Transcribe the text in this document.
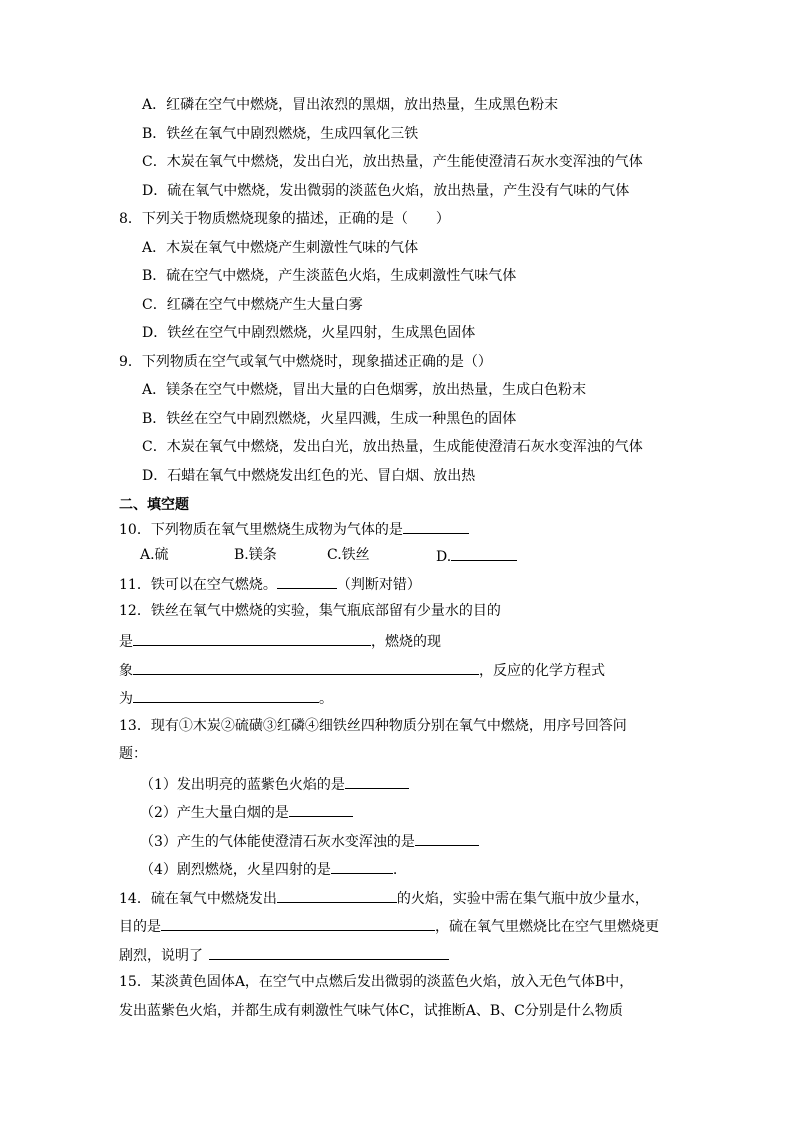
A．红磷在空气中燃烧，冒出浓烈的黑烟，放出热量，生成黑色粉末
B．铁丝在氧气中剧烈燃烧，生成四氧化三铁
C．木炭在氧气中燃烧，发出白光，放出热量，产生能使澄清石灰水变浑浊的气体
D．硫在氧气中燃烧，发出微弱的淡蓝色火焰，放出热量，产生没有气味的气体
8．下列关于物质燃烧现象的描述，正确的是（　　）
A．木炭在氧气中燃烧产生刺激性气味的气体
B．硫在空气中燃烧，产生淡蓝色火焰，生成刺激性气味气体
C．红磷在空气中燃烧产生大量白雾
D．铁丝在空气中剧烈燃烧，火星四射，生成黑色固体
9．下列物质在空气或氧气中燃烧时，现象描述正确的是（）
A．镁条在空气中燃烧，冒出大量的白色烟雾，放出热量，生成白色粉末
B．铁丝在空气中剧烈燃烧，火星四溅，生成一种黑色的固体
C．木炭在氧气中燃烧，发出白光，放出热量，生成能使澄清石灰水变浑浊的气体
D．石蜡在氧气中燃烧发出红色的光、冒白烟、放出热
二、填空题
10．下列物质在氧气里燃烧生成物为气体的是
A.硫	B.镁条	C.铁丝	D.
11．铁可以在空气燃烧。	（判断对错）
12．铁丝在氧气中燃烧的实验，集气瓶底部留有少量水的目的
是	，燃烧的现
象	，反应的化学方程式
为	。
13．现有①木炭②硫磺③红磷④细铁丝四种物质分别在氧气中燃烧，用序号回答问
题：
（1）发出明亮的蓝紫色火焰的是
（2）产生大量白烟的是
（3）产生的气体能使澄清石灰水变浑浊的是
（4）剧烈燃烧，火星四射的是	.
14．硫在氧气中燃烧发出	的火焰，实验中需在集气瓶中放少量水，
目的是	，硫在氧气里燃烧比在空气里燃烧更
剧烈，说明了
15．某淡黄色固体A，在空气中点燃后发出微弱的淡蓝色火焰，放入无色气体B中，
发出蓝紫色火焰，并都生成有刺激性气味气体C，试推断A、B、C分别是什么物质
